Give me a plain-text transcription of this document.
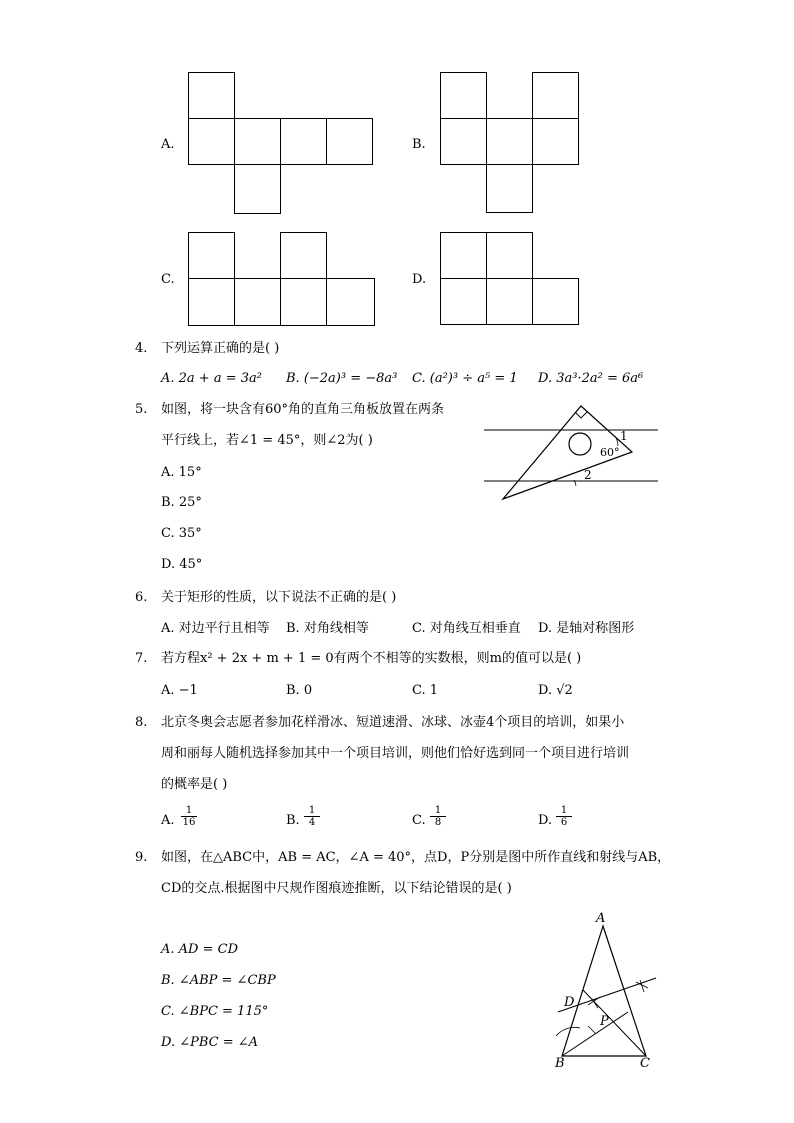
A.	B.
C.	D.
4. 下列运算正确的是( )
A. 2a + a = 3a² B. (−2a)³ = −8a³ C. (a²)³ ÷ a⁵ = 1 D. 3a³·2a² = 6a⁶
5. 如图，将一块含有60°角的直角三角板放置在两条
平行线上，若∠1 = 45°，则∠2为( )
A. 15°
B. 25°
C. 35°
D. 45°
1
60°
2
6. 关于矩形的性质，以下说法不正确的是( )
A. 对边平行且相等 B. 对角线相等	C. 对角线互相垂直 D. 是轴对称图形
7. 若方程x² + 2x + m + 1 = 0有两个不相等的实数根，则m的值可以是( )
A. −1	B. 0	C. 1	D. √2
8. 北京冬奥会志愿者参加花样滑冰、短道速滑、冰球、冰壶4个项目的培训，如果小
周和丽每人随机选择参加其中一个项目培训，则他们恰好选到同一个项目进行培训
的概率是( )
A. $\frac{1}{16}$	B. $\frac{1}{4}$	C. $\frac{1}{8}$	D. $\frac{1}{6}$
9. 如图，在△ABC中，AB = AC，∠A = 40°，点D，P分别是图中所作直线和射线与AB，
CD的交点.根据图中尺规作图痕迹推断，以下结论错误的是( )
A. AD = CD
B. ∠ABP = ∠CBP
C. ∠BPC = 115°
D. ∠PBC = ∠A
A
B	C
D
P
